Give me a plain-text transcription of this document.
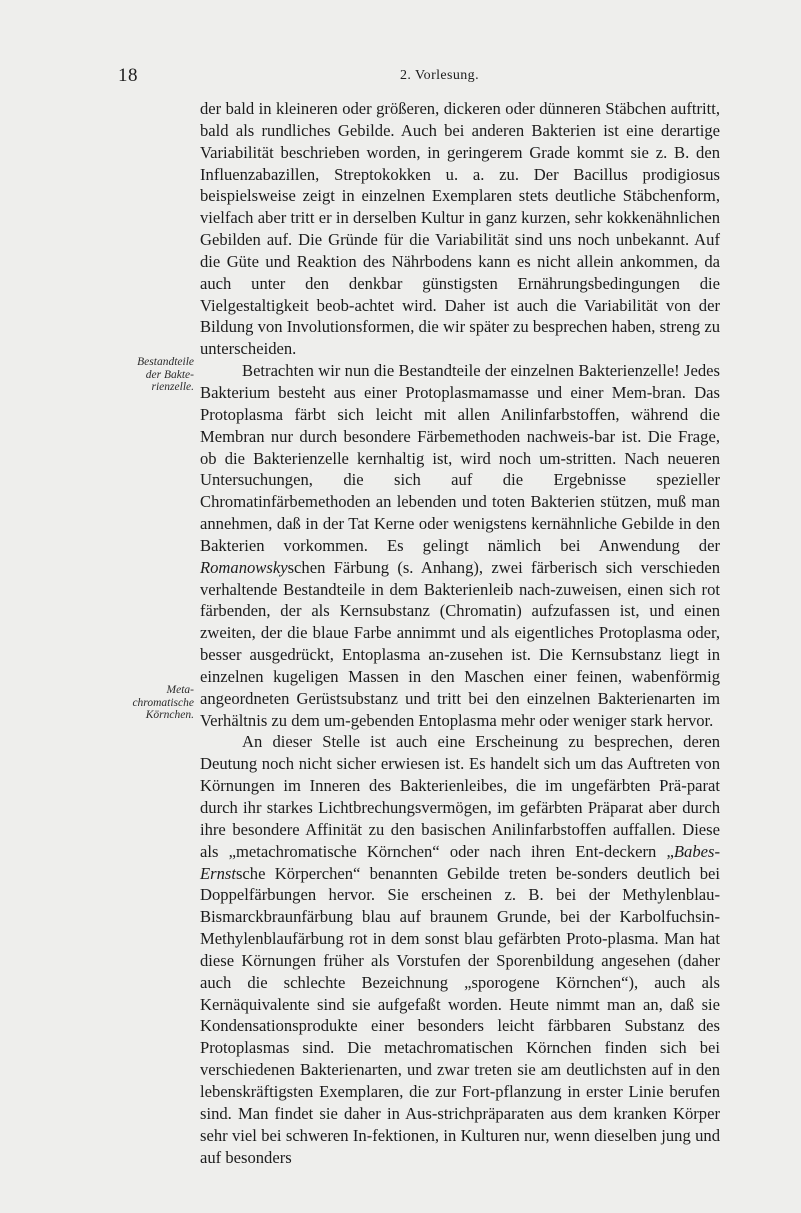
18	2. Vorlesung.
Bestandteile
der Bakte-
rienzelle.
Meta-
chromatische
Körnchen.

der bald in kleineren oder größeren, dickeren oder dünneren Stäbchen auftritt, bald als rundliches Gebilde. Auch bei anderen Bakterien ist eine derartige Variabilität beschrieben worden, in geringerem Grade kommt sie z. B. den Influenzabazillen, Streptokokken u. a. zu. Der Bacillus prodigiosus beispielsweise zeigt in einzelnen Exemplaren stets deutliche Stäbchenform, vielfach aber tritt er in derselben Kultur in ganz kurzen, sehr kokkenähnlichen Gebilden auf. Die Gründe für die Variabilität sind uns noch unbekannt. Auf die Güte und Reaktion des Nährbodens kann es nicht allein ankommen, da auch unter den denkbar günstigsten Ernährungsbedingungen die Vielgestaltigkeit beob-achtet wird. Daher ist auch die Variabilität von der Bildung von Involutionsformen, die wir später zu besprechen haben, streng zu unterscheiden.

Betrachten wir nun die Bestandteile der einzelnen Bakterienzelle! Jedes Bakterium besteht aus einer Protoplasmamasse und einer Mem-bran. Das Protoplasma färbt sich leicht mit allen Anilinfarbstoffen, während die Membran nur durch besondere Färbemethoden nachweis-bar ist. Die Frage, ob die Bakterienzelle kernhaltig ist, wird noch um-stritten. Nach neueren Untersuchungen, die sich auf die Ergebnisse spezieller Chromatinfärbemethoden an lebenden und toten Bakterien stützen, muß man annehmen, daß in der Tat Kerne oder wenigstens kernähnliche Gebilde in den Bakterien vorkommen. Es gelingt nämlich bei Anwendung der Romanowskyschen Färbung (s. Anhang), zwei färberisch sich verschieden verhaltende Bestandteile in dem Bakterienleib nach-zuweisen, einen sich rot färbenden, der als Kernsubstanz (Chromatin) aufzufassen ist, und einen zweiten, der die blaue Farbe annimmt und als eigentliches Protoplasma oder, besser ausgedrückt, Entoplasma an-zusehen ist. Die Kernsubstanz liegt in einzelnen kugeligen Massen in den Maschen einer feinen, wabenförmig angeordneten Gerüstsubstanz und tritt bei den einzelnen Bakterienarten im Verhältnis zu dem um-gebenden Entoplasma mehr oder weniger stark hervor.

An dieser Stelle ist auch eine Erscheinung zu besprechen, deren Deutung noch nicht sicher erwiesen ist. Es handelt sich um das Auftreten von Körnungen im Inneren des Bakterienleibes, die im ungefärbten Prä-parat durch ihr starkes Lichtbrechungsvermögen, im gefärbten Präparat aber durch ihre besondere Affinität zu den basischen Anilinfarbstoffen auffallen. Diese als „metachromatische Körnchen“ oder nach ihren Ent-deckern „Babes-Ernstsche Körperchen“ benannten Gebilde treten be-sonders deutlich bei Doppelfärbungen hervor. Sie erscheinen z. B. bei der Methylenblau-Bismarckbraunfärbung blau auf braunem Grunde, bei der Karbolfuchsin-Methylenblaufärbung rot in dem sonst blau gefärbten Proto-plasma. Man hat diese Körnungen früher als Vorstufen der Sporenbildung angesehen (daher auch die schlechte Bezeichnung „sporogene Körnchen“), auch als Kernäquivalente sind sie aufgefaßt worden. Heute nimmt man an, daß sie Kondensationsprodukte einer besonders leicht färbbaren Substanz des Protoplasmas sind. Die metachromatischen Körnchen finden sich bei verschiedenen Bakterienarten, und zwar treten sie am deutlichsten auf in den lebenskräftigsten Exemplaren, die zur Fort-pflanzung in erster Linie berufen sind. Man findet sie daher in Aus-strichpräparaten aus dem kranken Körper sehr viel bei schweren In-fektionen, in Kulturen nur, wenn dieselben jung und auf besonders
